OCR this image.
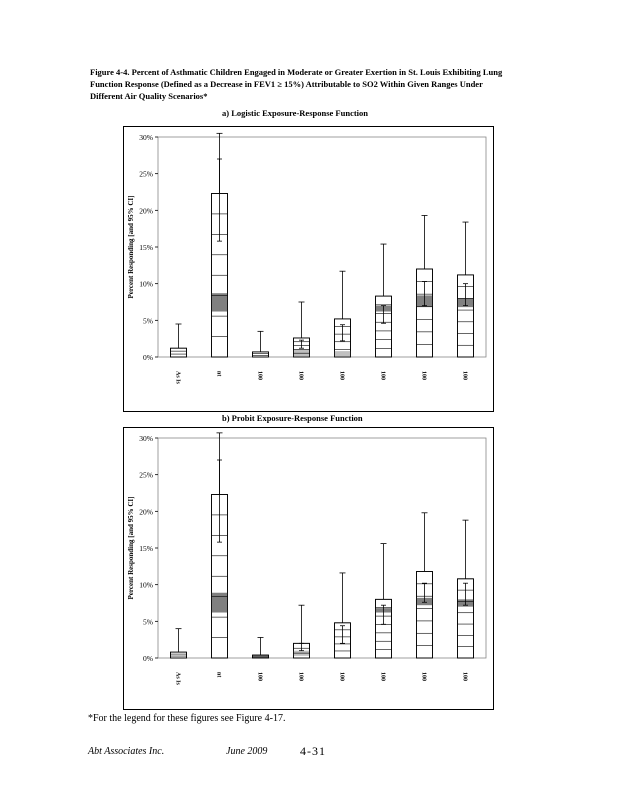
Figure 4-4. Percent of Asthmatic Children Engaged in Moderate or Greater Exertion in St. Louis Exhibiting Lung Function Response (Defined as a Decrease in FEV1 ≥ 15%) Attributable to SO2 Within Given Ranges Under Different Air Quality Scenarios*
a) Logistic Exposure-Response Function
0%
5%
10%
15%
20%
25%
30%
Percent Responding [and 95% CI]
As Is	nt	100	100	100	100	100	100
b) Probit Exposure-Response Function
0%
5%
10%
15%
20%
25%
30%
Percent Responding [and 95% CI]
As Is	nt	100	100	100	100	100	100
*For the legend for these figures see Figure 4-17.
Abt Associates Inc.	June 2009	4-31
